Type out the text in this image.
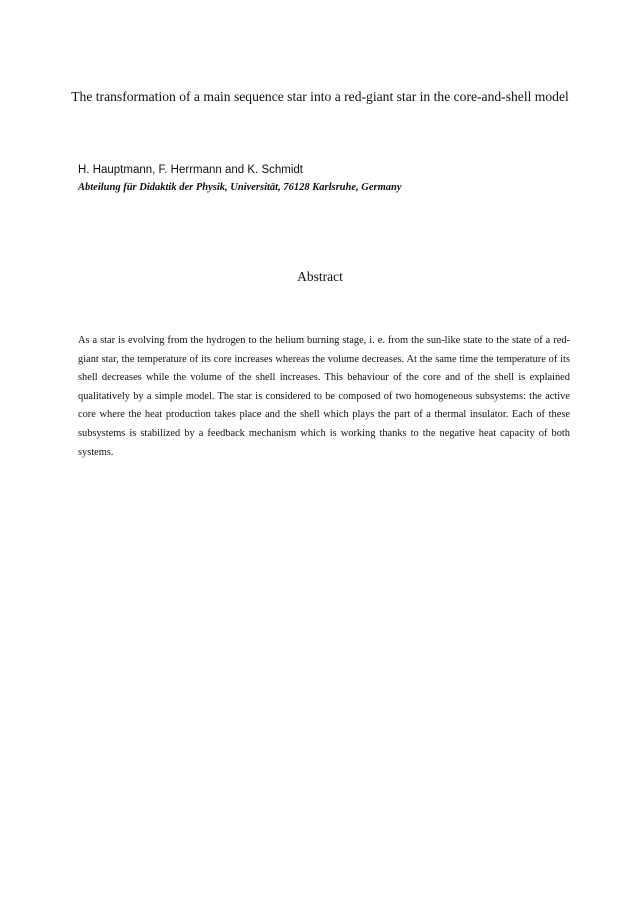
The transformation of a main sequence star into a red-giant star in the core-and-shell model
H. Hauptmann, F. Herrmann and K. Schmidt
Abteilung für Didaktik der Physik, Universität, 76128 Karlsruhe, Germany
Abstract
As a star is evolving from the hydrogen to the helium burning stage, i. e. from the sun-like state to the state of a red-giant star, the temperature of its core increases whereas the volume decreases. At the same time the temperature of its shell decreases while the volume of the shell increases. This behaviour of the core and of the shell is explained qualitatively by a simple model. The star is considered to be composed of two homogeneous subsystems: the active core where the heat production takes place and the shell which plays the part of a thermal insulator. Each of these subsystems is stabilized by a feedback mechanism which is working thanks to the negative heat capacity of both systems.
